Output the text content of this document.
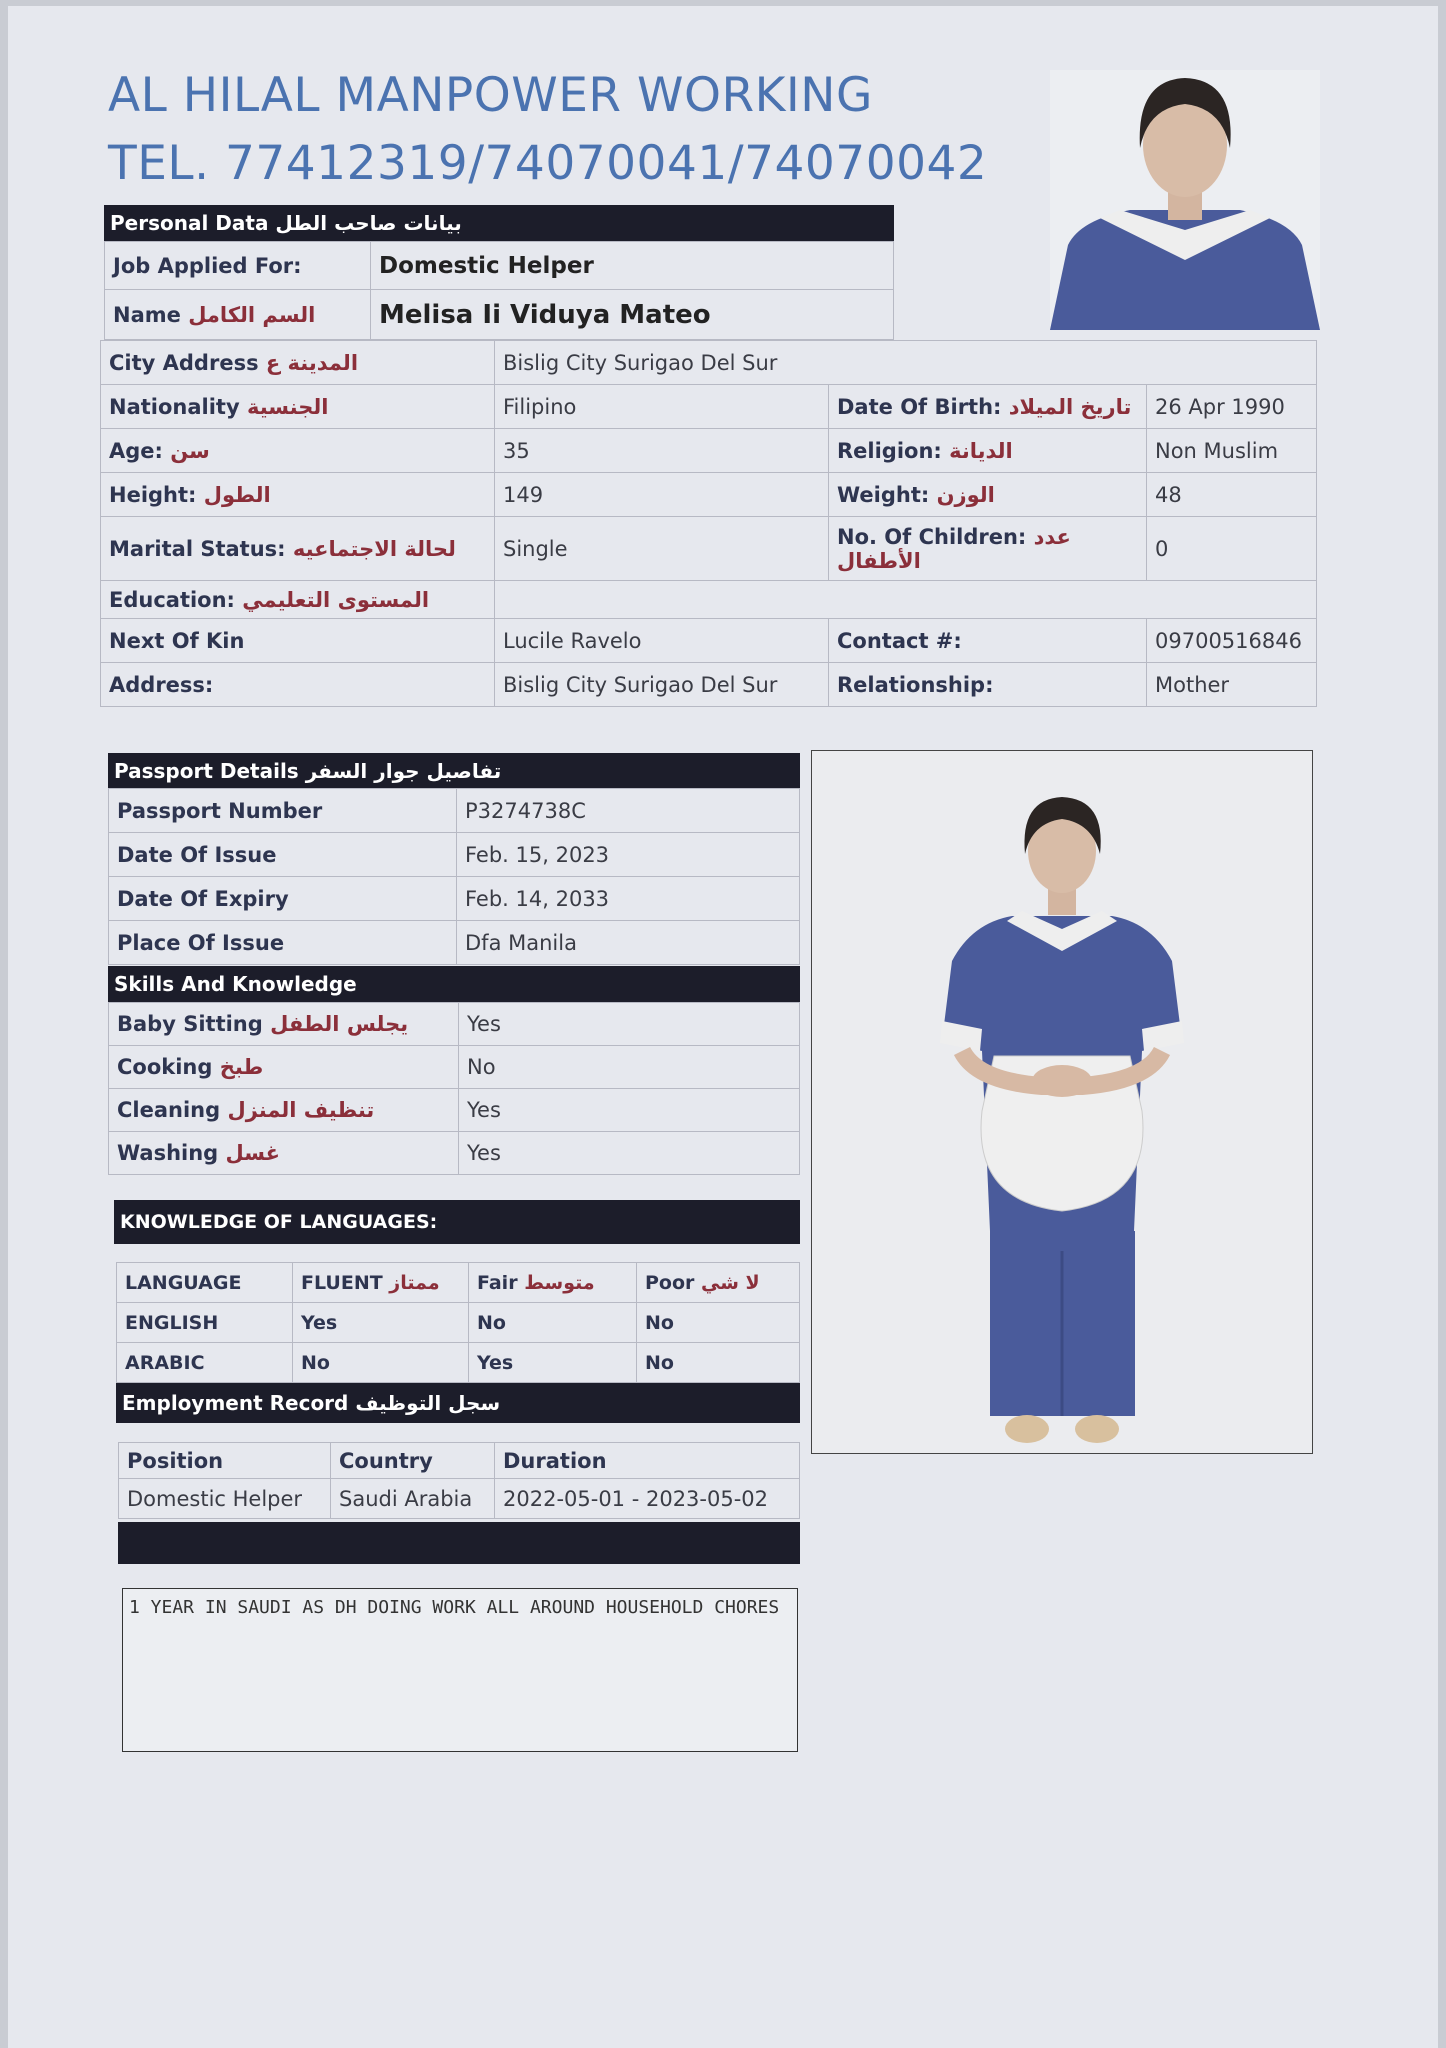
AL HILAL MANPOWER WORKING
TEL. 77412319/74070041/74070042
Personal Data
بيانات صاحب الطل
Job Applied For:	Domestic Helper
Name السم الكامل	Melisa Ii Viduya Mateo
City Address المدينة ع	Bislig City Surigao Del Sur		
Nationality الجنسية	Filipino	Date Of Birth: تاريخ الميلاد	26 Apr 1990
Age: سن	35	Religion: الديانة	Non Muslim
Height: الطول	149	Weight: الوزن	48
Marital Status: لحالة الاجتماعيه	Single	No. Of Children: عدد الأطفال	0
Education: المستوى التعليمي			
Next Of Kin	Lucile Ravelo	Contact #:	09700516846
Address:	Bislig City Surigao Del Sur	Relationship:	Mother
Passport Details
تفاصيل جوار السفر
Passport Number	P3274738C
Date Of Issue	Feb. 15, 2023
Date Of Expiry	Feb. 14, 2033
Place Of Issue	Dfa Manila
Skills And Knowledge
Baby Sitting يجلس الطفل	Yes
Cooking طبخ	No
Cleaning تنظيف المنزل	Yes
Washing غسل	Yes
KNOWLEDGE OF LANGUAGES:
LANGUAGE	FLUENT ممتاز	Fair متوسط	Poor لا شي
ENGLISH	Yes	No	No
ARABIC	No	Yes	No
Employment Record
سجل التوظيف
Position	Country	Duration
Domestic Helper	Saudi Arabia	2022-05-01 - 2023-05-02
1 YEAR IN SAUDI AS DH DOING WORK ALL AROUND HOUSEHOLD CHORES
